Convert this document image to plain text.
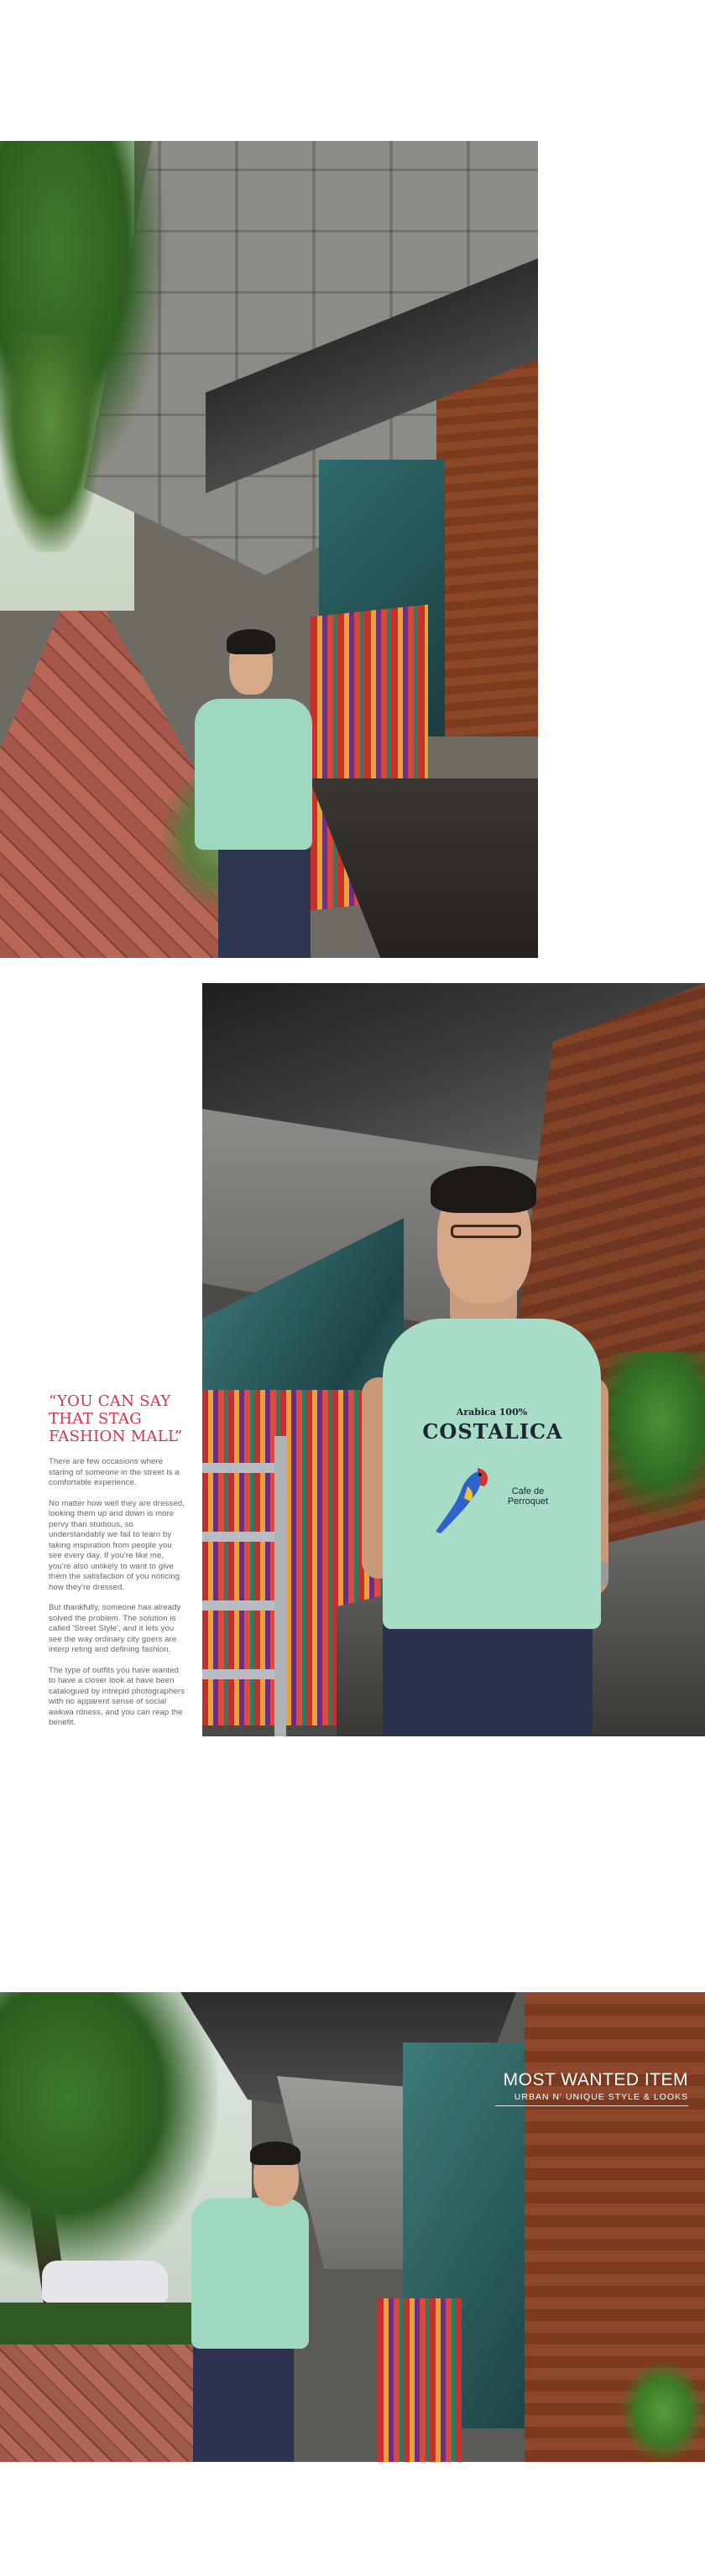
Arabica 100%
COSTALICA
Cafe de Perroquet
“YOU CAN SAY THAT STAG FASHION MALL”

There are few occasions where staring of someone in the street is a comfortable experience.

No matter how well they are dressed, looking them up and down is more pervy than studious, so understandably we fail to learn by taking inspiration from people you see every day. If you're like me, you're also unlikely to want to give them the satisfaction of you noticing how they're dressed.

But thankfully, someone has already solved the problem. The solution is called 'Street Style', and it lets you see the way ordinary city goers are interp reting and defining fashion.

The type of outfits you have wanted to have a closer look at have been catalogued by intrepid photographers with no apparent sense of social awkwa rdness, and you can reap the benefit.

MOST WANTED ITEM
URBAN N' UNIQUE STYLE & LOOKS
